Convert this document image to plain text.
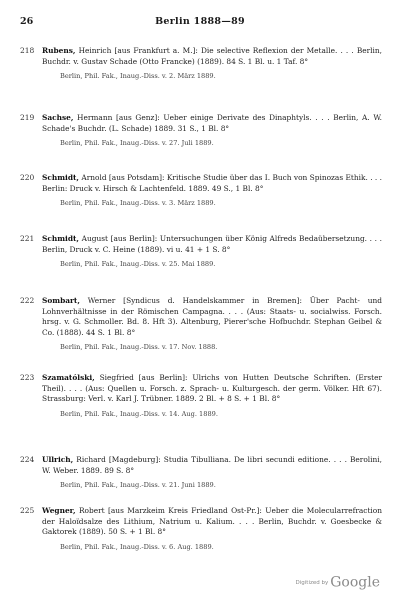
26	Berlin 1888—89
218	Rubens, Heinrich [aus Frankfurt a. M.]: Die selective Reflexion der Metalle. . . . Berlin, Buchdr. v. Gustav Schade (Otto Francke) (1889). 84 S. 1 Bl. u. 1 Taf. 8°
Berlin, Phil. Fak., Inaug.-Diss. v. 2. März 1889.
219	Sachse, Hermann [aus Genz]: Ueber einige Derivate des Dinaphtyls. . . . Berlin, A. W. Schade's Buchdr. (L. Schade) 1889. 31 S., 1 Bl. 8°
Berlin, Phil. Fak., Inaug.-Diss. v. 27. Juli 1889.
220	Schmidt, Arnold [aus Potsdam]: Kritische Studie über das I. Buch von Spinozas Ethik. . . . Berlin: Druck v. Hirsch & Lachtenfeld. 1889. 49 S., 1 Bl. 8°
Berlin, Phil. Fak., Inaug.-Diss. v. 3. März 1889.
221	Schmidt, August [aus Berlin]: Untersuchungen über König Alfreds Bedaübersetzung. . . . Berlin, Druck v. C. Heine (1889). vi u. 41 + 1 S. 8°
Berlin, Phil. Fak., Inaug.-Diss. v. 25. Mai 1889.
222	Sombart, Werner [Syndicus d. Handelskammer in Bremen]: Über Pacht- und Lohnverhältnisse in der Römischen Campagna. . . . (Aus: Staats- u. socialwiss. Forsch. hrsg. v. G. Schmoller. Bd. 8. Hft 3). Altenburg, Pierer'sche Hofbuchdr. Stephan Geibel & Co. (1888). 44 S. 1 Bl. 8°
Berlin, Phil. Fak., Inaug.-Diss. v. 17. Nov. 1888.
223	Szamatólski, Siegfried [aus Berlin]: Ulrichs von Hutten Deutsche Schriften. (Erster Theil). . . . (Aus: Quellen u. Forsch. z. Sprach- u. Kulturgesch. der germ. Völker. Hft 67). Strassburg: Verl. v. Karl J. Trübner. 1889. 2 Bl. + 8 S. + 1 Bl. 8°
Berlin, Phil. Fak., Inaug.-Diss. v. 14. Aug. 1889.
224	Ullrich, Richard [Magdeburg]: Studia Tibulliana. De libri secundi editione. . . . Berolini, W. Weber. 1889. 89 S. 8°
Berlin, Phil. Fak., Inaug.-Diss. v. 21. Juni 1889.
225	Wegner, Robert [aus Marzkeim Kreis Friedland Ost-Pr.]: Ueber die Molecularrefraction der Haloïdsalze des Lithium, Natrium u. Kalium. . . . Berlin, Buchdr. v. Goesbecke & Gaktorek (1889). 50 S. + 1 Bl. 8°
Berlin, Phil. Fak., Inaug.-Diss. v. 6. Aug. 1889.
Digitized by Google
